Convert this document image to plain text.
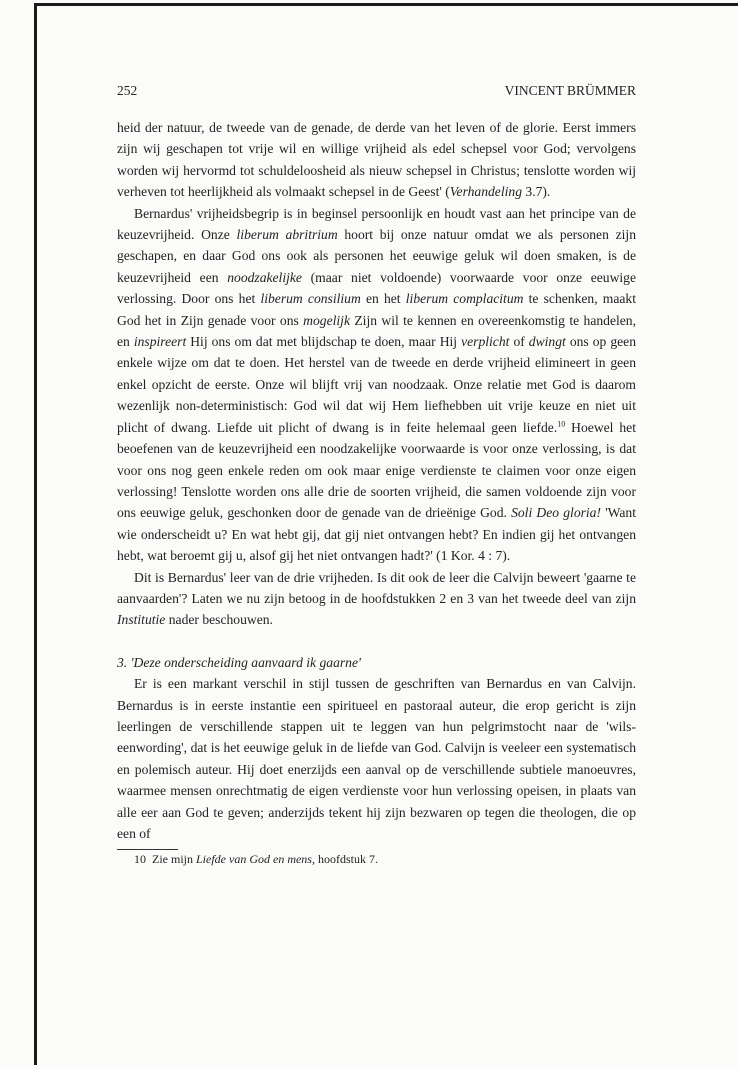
252	VINCENT BRÜMMER

heid der natuur, de tweede van de genade, de derde van het leven of de glorie. Eerst immers zijn wij geschapen tot vrije wil en willige vrijheid als edel schepsel voor God; vervolgens worden wij hervormd tot schuldeloosheid als nieuw schepsel in Christus; tenslotte worden wij verheven tot heerlijkheid als volmaakt schepsel in de Geest' (Verhandeling 3.7).

Bernardus' vrijheidsbegrip is in beginsel persoonlijk en houdt vast aan het principe van de keuzevrijheid. Onze liberum abritrium hoort bij onze natuur omdat we als personen zijn geschapen, en daar God ons ook als personen het eeuwige geluk wil doen smaken, is de keuzevrijheid een noodzakelijke (maar niet voldoende) voorwaarde voor onze eeuwige verlossing. Door ons het liberum consilium en het liberum complacitum te schenken, maakt God het in Zijn genade voor ons mogelijk Zijn wil te kennen en overeenkomstig te handelen, en inspireert Hij ons om dat met blijdschap te doen, maar Hij verplicht of dwingt ons op geen enkele wijze om dat te doen. Het herstel van de tweede en derde vrijheid elimineert in geen enkel opzicht de eerste. Onze wil blijft vrij van noodzaak. Onze relatie met God is daarom wezenlijk non-deterministisch: God wil dat wij Hem liefhebben uit vrije keuze en niet uit plicht of dwang. Liefde uit plicht of dwang is in feite helemaal geen liefde.$^{10}$ Hoewel het beoefenen van de keuzevrijheid een noodzakelijke voorwaarde is voor onze verlossing, is dat voor ons nog geen enkele reden om ook maar enige verdienste te claimen voor onze eigen verlossing! Tenslotte worden ons alle drie de soorten vrijheid, die samen voldoende zijn voor ons eeuwige geluk, geschonken door de genade van de drieënige God. Soli Deo gloria! 'Want wie onderscheidt u? En wat hebt gij, dat gij niet ontvangen hebt? En indien gij het ontvangen hebt, wat beroemt gij u, alsof gij het niet ontvangen hadt?' (1 Kor. 4 : 7).

Dit is Bernardus' leer van de drie vrijheden. Is dit ook de leer die Calvijn beweert 'gaarne te aanvaarden'? Laten we nu zijn betoog in de hoofdstukken 2 en 3 van het tweede deel van zijn Institutie nader beschouwen.

3. 'Deze onderscheiding aanvaard ik gaarne'

Er is een markant verschil in stijl tussen de geschriften van Bernardus en van Calvijn. Bernardus is in eerste instantie een spiritueel en pastoraal auteur, die erop gericht is zijn leerlingen de verschillende stappen uit te leggen van hun pelgrimstocht naar de 'wils-eenwording', dat is het eeuwige geluk in de liefde van God. Calvijn is veeleer een systematisch en polemisch auteur. Hij doet enerzijds een aanval op de verschillende subtiele manoeuvres, waarmee mensen onrechtmatig de eigen verdienste voor hun verlossing opeisen, in plaats van alle eer aan God te geven; anderzijds tekent hij zijn bezwaren op tegen die theologen, die op een of

10 Zie mijn Liefde van God en mens, hoofdstuk 7.
